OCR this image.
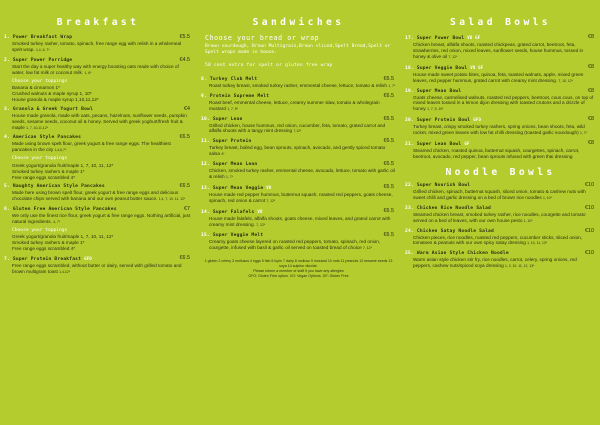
Breakfast
1. Power Breakfast Wrap	€5.5
Smoked turkey rasher, tomato, spinach, free range egg with relish in a wholemeal spelt wrap. 1,4, 6, 7*
2. Super Power Porridge	€4.5
Start the day a super healthy way with energy boosting oats made with choice of water, low fat milk or coconut milk. 1, 6*
Choose your toppings
Banana & cinnamon 1*
Crushed walnuts & maple syrup 1, 10*
House granola & maple syrup 1,10,11,12*
3. Granola & Greek Yogurt Bowl	€4
House made granola, made with oats, pecans, hazelnuts, sunflower seeds, pumpkin seeds, sesame seeds, coconut oil & honey. Served with greek yoghurt/fresh fruit & maple 1, 7, 10,11,12*
4. American Style Pancakes	€6.5
Made using brown spelt flour, greek yogurt & free range eggs. The healthiest pancakes in the city 1,4,6,7*
Choose your toppings
Greek yogurt/granola fruit/maple 1, 7, 10, 11, 12*
Smoked turkey rashers & maple 1*
Free range eggs scrambled 4*
5. Naughty American Style Pancakes	€6.5
Made here using brown spelt flour, greek yogurt & free range eggs and delicious chocolate chips served with banana and our own peanut butter sauce. 1,4, 7, 10, 11, 12*
6. Gluten Free American Style Pancakes	€7
We only use the finest rice flour, greek yogurt & free range eggs. Nothing artificial, just natural ingredients. 4, 7*
Choose your toppings
Greek yogurt/granola fruit/maple 1, 7, 10, 11, 12*
Smoked turkey rashers & maple 1*
Free range eggs scrambled 4*
7. Super Protein Breakfast GFO	€6.5
Free range eggs scrambled, without butter or dairy, served with grilled tomato and brown multigrain toast 1,4,12*
Sandwiches
Choose your bread or wrap
Brown sourdough, Brown Multigrain,Brown sliced,Spelt Bread,Spelt or Spelt wraps made in house.
50 cent extra for spelt or gluten free wrap
8. Turkey Club Melt	€6.5
Roast turkey breast, smoked turkey rasher, emmental cheese, lettuce, tomato & relish 1, 7*
9. Protein Supreme Melt	€6.5
Roast beef, emmental cheese, lettuce, creamy summer slaw, tomato & wholegrain mustard 1, 7, 9*
10. Super Lean	€6.5
Grilled chicken, house hummus, red onion, cucumber, feta, tomato, grated carrot and alfalfa shoots with a tangy mint dressing 7,12*
11. Super Protein	€6.5
Turkey breast, boiled egg, bean sprouts, spinach, avocado, and gently spiced tomato salsa 4*
12. Super Mean Lean	€6.5
Chicken, smoked turkey rasher, emmental cheese, avocado, lettuce, tomato with garlic oil & relish 1, 7*
13. Super Mean Veggie VO	€6.5
House made red pepper hummus, butternut squash, roasted red peppers, goats cheese, spinach, red onion & carrot 7, 12*
14. Super Falafels VO	€6.5
House made falafels, alfalfa shoots, goats cheese, mixed leaves, and grated carrot with creamy mint dressing. 7, 12*
15. Super Veggie Melt	€6.5
Creamy goats cheese layered on roasted red peppers, tomato, spinach, red onion, courgette, infused with basil & garlic oil served on toasted bread of choice 7, 12*
1 gluten 2 celery 3 molluscs 4 eggs 5 fish 6 lupin 7 dairy 8 mollusc 9 mustard 10 nuts 11 peanuts 12 sesame seeds 13 soya 14 sulphur dioxide.
Please inform a member of staff if you have any allergies
GFO: Gluten Free option. VO: Vegan Options. GF: Gluten Free
Salad Bowls
17. Super Power Bowl VO GF	€8
Chicken breast, alfalfa shoots, roasted chickpeas, grated carrot, beetroot, feta, strawberries, red onion, mixed leaves, sunflower seeds, house hummus, tossed in honey & olive oil 7, 12*
18. Super Veggie Bowl VO GF	€8
House made sweet potato bites, quinoa, feta, toasted walnuts, apple, mixed green leaves, red pepper hummus, grated carrot with creamy mint dressing. 7, 10, 12*
19. Super Mean Bowl	€8
Goats cheese, carmelised walnuts, roasted red peppers, beetroot, cous cous, on top of mixed leaves tossed in a lemon dijon dressing with toasted crutons and a drizzle of honey 1, 7, 9, 10*
20. Super Protein Bowl GFO	€8
Turkey breast, crispy smoked turkey rashers, spring onions, bean shoots, feta, wild rocket, mixed green leaves with low fat chilli dressing (toasted garlic sourdough) 1, 7*
21. Super Lean Bowl GF	€8
Steamed chicken, roasted quinoa, butternut squash, courgettes, spinach, carrot, beetroot, avocado, red pepper, bean sprouts infused with green thai dressing
Noodle Bowls
22. Super Nourish Bowl	€10
Grilled chicken, spinach, butternut squash, sliced onion, tomato & cashew nuts with sweet chilli and garlic dressing on a bed of brown rice noodles 1, 10*
23. Chicken Rice Noodle Salad	€10
Steamed chicken breast, smoked turkey rasher, rice noodles, courgette and tomato served on a bed of leaves, with our own house pesto 1, 10*
24. Chicken Satay Noodle Salad	€10
Chicken pieces, rice noodles, roasted red peppers, cucumber sticks, sliced onion, tomatoes & peanuts with our own spicy satay dressing 1, 10, 11, 13*
25. Warm Asian Style Chicken Noodle	€10
Warm asian style chicken stir fry, rice noodles, carrot, celery, spring onions, red peppers, cashew nuts/spiced soya dressing 1, 2, 10, 11, 12, 13*
